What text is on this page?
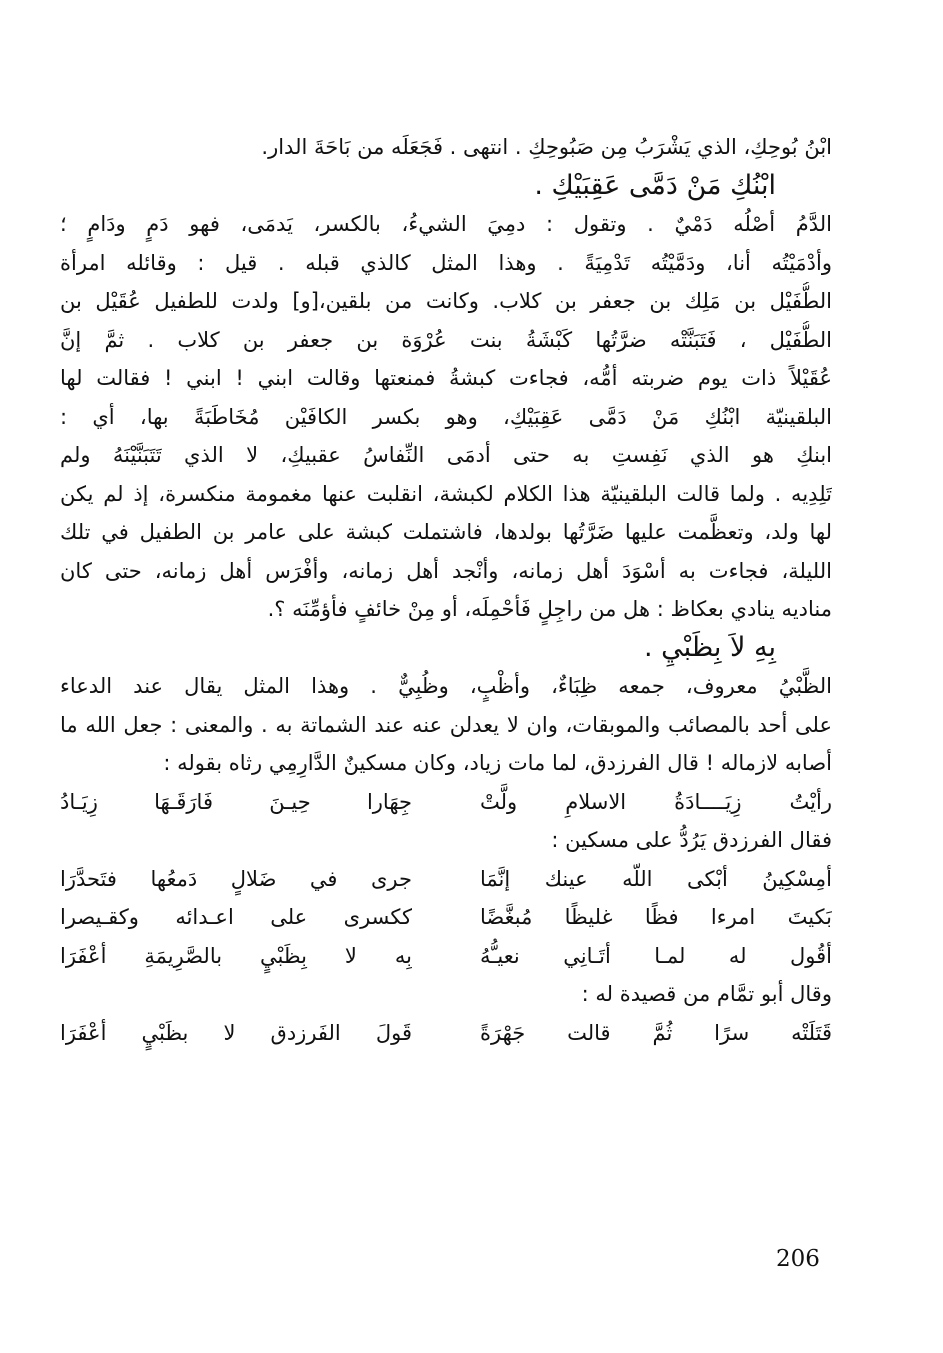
ابْنُ بُوحِكِ، الذي يَشْرَبُ مِن صَبُوحِكِ . انتهى . فَجَعَلَه من بَاحَةَ الدار.
ابْنُكِ مَنْ دَمَّى عَقِبَيْكِ .
الدَّمُ أصْلُه دَمْيٌ . وتقول : دمِيَ الشيءُ، بالكسر، يَدمَى، فهو دَمٍ ودَامٍ ؛
وأدْمَيْتُه أنا، ودَمَّيْتُه تَدْمِيَةً . وهذا المثل كالذي قبله . قيل : وقائله امرأة
الطُّفَيْل بن مَلِك بن جعفر بن كلاب. وكانت من بلقين،[و] ولدت للطفيل عُقَيْل بن
الطُّفَيْل ، فَتَبَنَّتْه ضرَّتُها كَبْشَةُ بنت عُرْوَة بن جعفر بن كلاب . ثمَّ إنَّ
عُقَيْلاً ذات يوم ضربته أمُّه، فجاءت كبشةُ فمنعتها وقالت ابني ! ابني ! فقالت لها
البلقينيّة ابْنُكِ مَنْ دَمَّى عَقِبَيْكِ، وهو بكسر الكافَيْن مُخَاطَبَةً بها، أي :
ابنكِ هو الذي نَفِستِ به حتى أدمَى النِّفاسُ عقبيكِ، لا الذي تَتَبَنَّيْنَهُ ولم
تَلِدِيه . ولما قالت البلقينيّة هذا الكلام لكبشة، انقلبت عنها مغمومة منكسرة، إذ لم يكن
لها ولد، وتعظَّمت عليها ضَرَّتُها بولدها، فاشتملت كبشة على عامر بن الطفيل في تلك
الليلة، فجاءت به أسْوَدَ أهل زمانه، وأنْجد أهل زمانه، وأفْرَس أهل زمانه، حتى كان
مناديه ينادي بعكاظ : هل من راجِلٍ فَأحْمِلَه، أو مِنْ خائفٍ فأؤمِّنَه ؟.
بِهِ لاَ بِظَبْيٍ .
الظَّبْيُ معروف، جمعه ظِبَاءٌ، وأظْبٍ، وظُبِيٌّ . وهذا المثل يقال عند الدعاء
على أحد بالمصائب والموبقات، وان لا يعدلن عنه عند الشماتة به . والمعنى : جعل الله ما
أصابه لازماله ! قال الفرزدق، لما مات زياد، وكان مسكينٌ الدَّارِمِي رثاه بقوله :
رأيْتُ زِيَــــادَةُ الاسلامِ ولَّتْ
جِهَارا حِيـنَ فَارَقَـهَا زِيَـادُ
فقال الفرزدق يَرُدُّ على مسكين :
أمِسْكِينُ أبْكى اللّه عينك إنَّمَا
جرى في ضَلالٍ دَمعُها فتَحدَّرَا
بَكيتَ امرءا فظًا غليظًا مُبغَّضًا
ككسرى على اعـدائه وكقـيصرا
أقُول له لمـا أتَـانِي نعيـُّهُ
بِه لا بِظَبْيٍ بالصَّرِيمَةِ أعْفَرَا
وقال أبو تمَّام من قصيدة له :
قَتَلَتْه سرًا ثُمَّ قالت جَهْرَةً
قَولَ الفَرزدق لا بظَبْيٍ أعْفَرَا
206
